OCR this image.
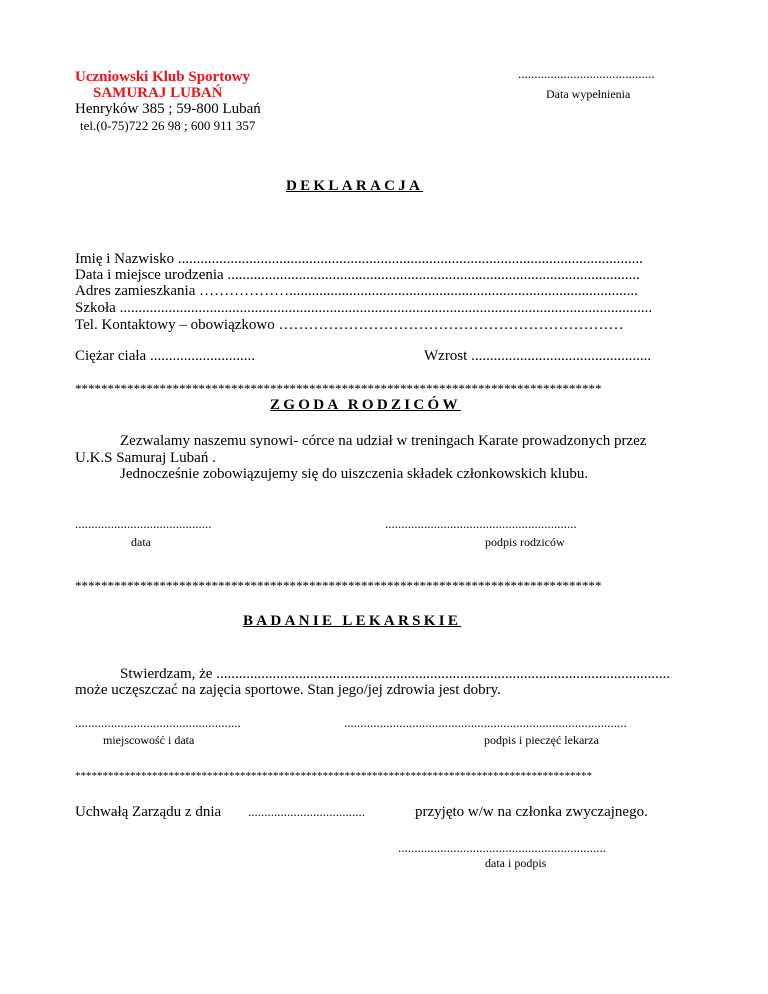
Uczniowski Klub Sportowy
SAMURAJ LUBAŃ
Henryków 385 ; 59-800 Lubań
tel.(0-75)722 26 98 ; 600 911 357
..........................................
Data wypełnienia
DEKLARACJA
Imię i Nazwisko ............................................................................................................................
Data i miejsce urodzenia ..............................................................................................................
Adres zamieszkania ……………….............................................................................................
Szkoła ..............................................................................................................................................
Tel. Kontaktowy – obowiązkowo ……………………………………………………………
Ciężar ciała ............................	Wzrost ................................................
*********************************************************************************
ZGODA RODZICÓW
Zezwalamy naszemu synowi- córce na udział w treningach Karate prowadzonych przez
U.K.S Samuraj Lubań .
Jednocześnie zobowiązujemy się do uiszczenia składek członkowskich klubu.
..........................................	...........................................................
data	podpis rodziców
*********************************************************************************
BADANIE LEKARSKIE
Stwierdzam, że .........................................................................................................................
może uczęszczać na zajęcia sportowe. Stan jego/jej zdrowia jest dobry.
...................................................	.......................................................................................
miejscowość i data	podpis i pieczęć lekarza
**********************************************************************************************
Uchwałą Zarządu z dnia ....................................	przyjęto w/w na członka zwyczajnego.
................................................................
data i podpis
